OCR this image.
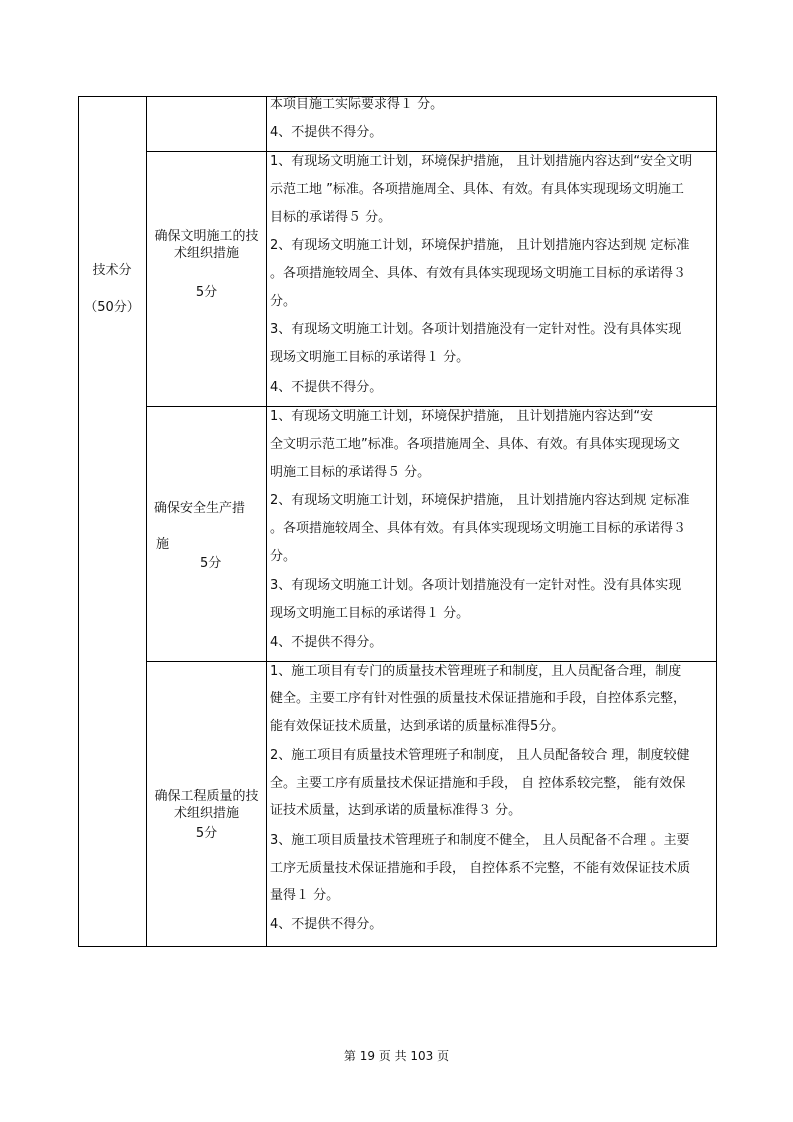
技术分
（50分）
本项目施工实际要求得１ 分。
4、不提供不得分。
确保文明施工的技
术组织措施
5分
1、有现场文明施工计划，环境保护措施， 且计划措施内容达到“安全文明
示范工地 ”标准。各项措施周全、具体、有效。有具体实现现场文明施工
目标的承诺得５ 分。
2、有现场文明施工计划，环境保护措施， 且计划措施内容达到规 定标准
。各项措施较周全、具体、有效有具体实现现场文明施工目标的承诺得３
分。
3、有现场文明施工计划。各项计划措施没有一定针对性。没有具体实现
现场文明施工目标的承诺得１ 分。
4、不提供不得分。
确保安全生产措
施
5分
1、有现场文明施工计划，环境保护措施， 且计划措施内容达到“安
全文明示范工地”标准。各项措施周全、具体、有效。有具体实现现场文
明施工目标的承诺得５ 分。
2、有现场文明施工计划，环境保护措施， 且计划措施内容达到规 定标准
。各项措施较周全、具体有效。有具体实现现场文明施工目标的承诺得３
分。
3、有现场文明施工计划。各项计划措施没有一定针对性。没有具体实现
现场文明施工目标的承诺得１ 分。
4、不提供不得分。
确保工程质量的技
术组织措施
5分
1、施工项目有专门的质量技术管理班子和制度，且人员配备合理，制度
健全。主要工序有针对性强的质量技术保证措施和手段，自控体系完整，
能有效保证技术质量，达到承诺的质量标准得5分。
2、施工项目有质量技术管理班子和制度， 且人员配备较合 理，制度较健
全。主要工序有质量技术保证措施和手段， 自 控体系较完整， 能有效保
证技术质量，达到承诺的质量标准得３ 分。
3、施工项目质量技术管理班子和制度不健全， 且人员配备不合理 。主要
工序无质量技术保证措施和手段， 自控体系不完整，不能有效保证技术质
量得１ 分。
4、不提供不得分。
第 19 页 共 103 页
